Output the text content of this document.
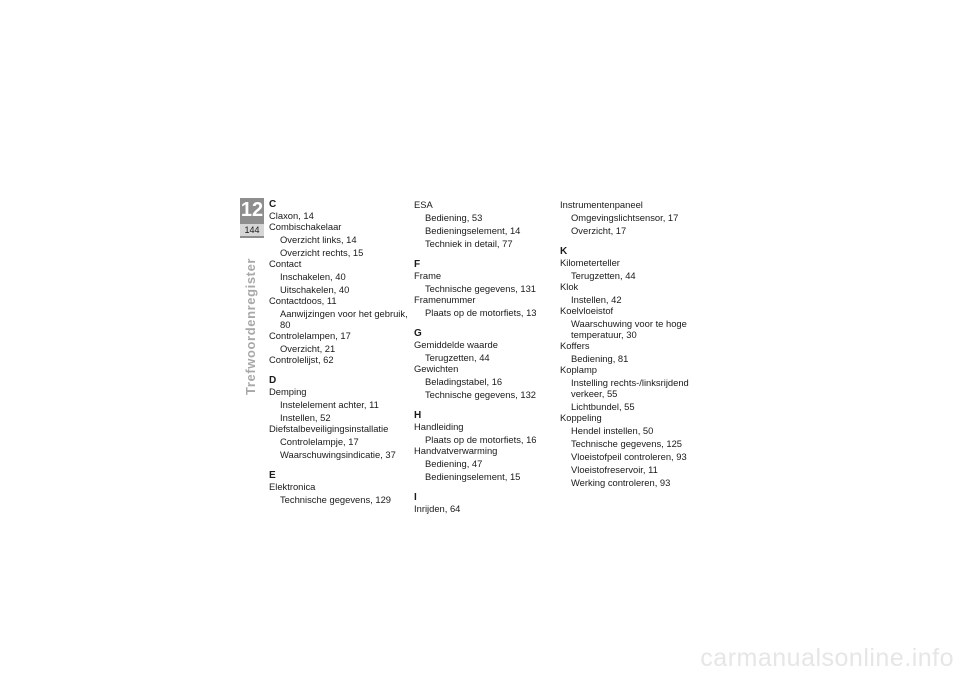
12
144
Trefwoordenregister
C
Claxon, 14
Combischakelaar
Overzicht links, 14
Overzicht rechts, 15
Contact
Inschakelen, 40
Uitschakelen, 40
Contactdoos, 11
Aanwijzingen voor het gebruik, 80
Controlelampen, 17
Overzicht, 21
Controlelijst, 62
D
Demping
Instelelement achter, 11
Instellen, 52
Diefstalbeveiligingsinstallatie
Controlelampje, 17
Waarschuwingsindicatie, 37
E
Elektronica
Technische gegevens, 129
ESA
Bediening, 53
Bedieningselement, 14
Techniek in detail, 77
F
Frame
Technische gegevens, 131
Framenummer
Plaats op de motorfiets, 13
G
Gemiddelde waarde
Terugzetten, 44
Gewichten
Beladingstabel, 16
Technische gegevens, 132
H
Handleiding
Plaats op de motorfiets, 16
Handvatverwarming
Bediening, 47
Bedieningselement, 15
I
Inrijden, 64
Instrumentenpaneel
Omgevingslichtsensor, 17
Overzicht, 17
K
Kilometerteller
Terugzetten, 44
Klok
Instellen, 42
Koelvloeistof
Waarschuwing voor te hoge temperatuur, 30
Koffers
Bediening, 81
Koplamp
Instelling rechts-/linksrijdend verkeer, 55
Lichtbundel, 55
Koppeling
Hendel instellen, 50
Technische gegevens, 125
Vloeistofpeil controleren, 93
Vloeistofreservoir, 11
Werking controleren, 93
carmanualsonline.info
